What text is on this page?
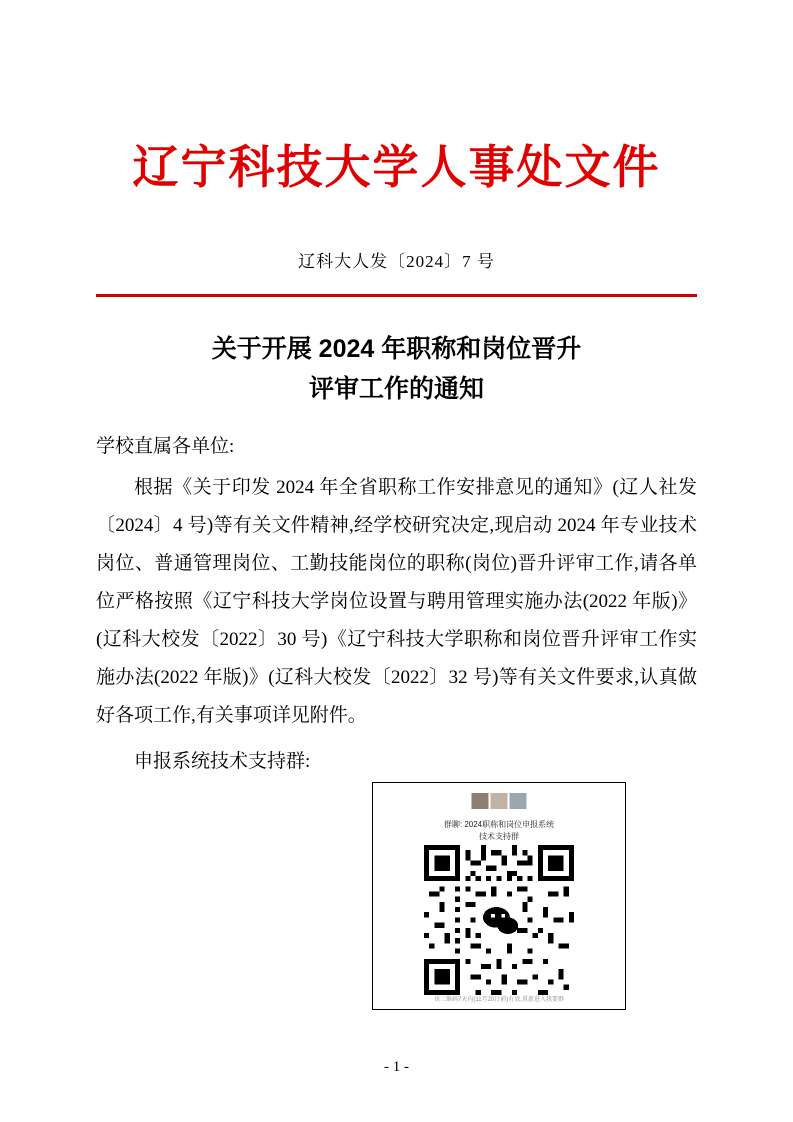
辽宁科技大学人事处文件
辽科大人发〔2024〕7 号
关于开展 2024 年职称和岗位晋升
评审工作的通知
学校直属各单位:
根据《关于印发 2024 年全省职称工作安排意见的通知》(辽人社发〔2024〕4 号)等有关文件精神,经学校研究决定,现启动 2024 年专业技术岗位、普通管理岗位、工勤技能岗位的职称(岗位)晋升评审工作,请各单位严格按照《辽宁科技大学岗位设置与聘用管理实施办法(2022 年版)》(辽科大校发〔2022〕30 号)《辽宁科技大学职称和岗位晋升评审工作实施办法(2022 年版)》(辽科大校发〔2022〕32 号)等有关文件要求,认真做好各项工作,有关事项详见附件。
申报系统技术支持群:
群聊: 2024职称和岗位申报系统
技术支持群
该二维码7天内(11月20日前)有效,重新进入我要群
- 1 -
